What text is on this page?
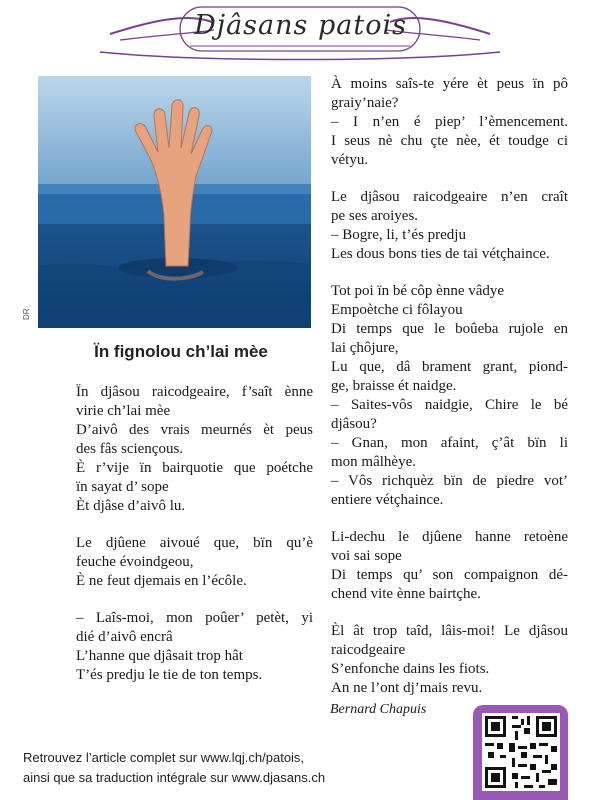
Djâsans patois
DR
Ïn fignolou ch’lai mèe
Ïn djâsou raicodgeaire, f’saît ènne
virie ch’lai mèe
D’aivô des vrais meurnés èt peus
des fâs sciençous.
È r’vije ïn bairquotie que poétche
ïn sayat d’ sope
Èt djâse d’aivô lu.
Le djûene aivoué que, bïn qu’è
feuche évoindgeou,
È ne feut djemais en l’écôle.
– Laîs-moi, mon poûer’ petèt, yi
dié d’aivô encrâ
L’hanne que djâsait trop hât
T’és predju le tie de ton temps.
À moins saîs-te yére èt peus ïn pô
graiy’naie?
– I n’en é piep’ l’èmencement.
I seus nè chu çte nèe, ét toudge ci
vétyu.
Le djâsou raicodgeaire n’en craît
pe ses aroiyes.
– Bogre, li, t’és predju
Les dous bons ties de tai vétçhaince.
Tot poi ïn bé côp ènne vâdye
Empoètche ci fôlayou
Di temps que le boûeba rujole en
lai çhôjure,
Lu que, dâ brament grant, piond-
ge, braisse ét naidge.
– Saites-vôs naidgie, Chire le bé
djâsou?
– Gnan, mon afaint, ç’ât bïn li
mon mâlhèye.
– Vôs richquèz bïn de piedre vot’
entiere vétçhaince.
Li-dechu le djûene hanne retoène
voi sai sope
Di temps qu’ son compaignon dé-
chend vite ènne bairtçhe.
Èl ât trop taîd, lâis-moi! Le djâsou
raicodgeaire
S’enfonche dains les fiots.
An ne l’ont dj’mais revu.
Bernard Chapuis
Retrouvez l’article complet sur www.lqj.ch/patois,
ainsi que sa traduction intégrale sur www.djasans.ch
